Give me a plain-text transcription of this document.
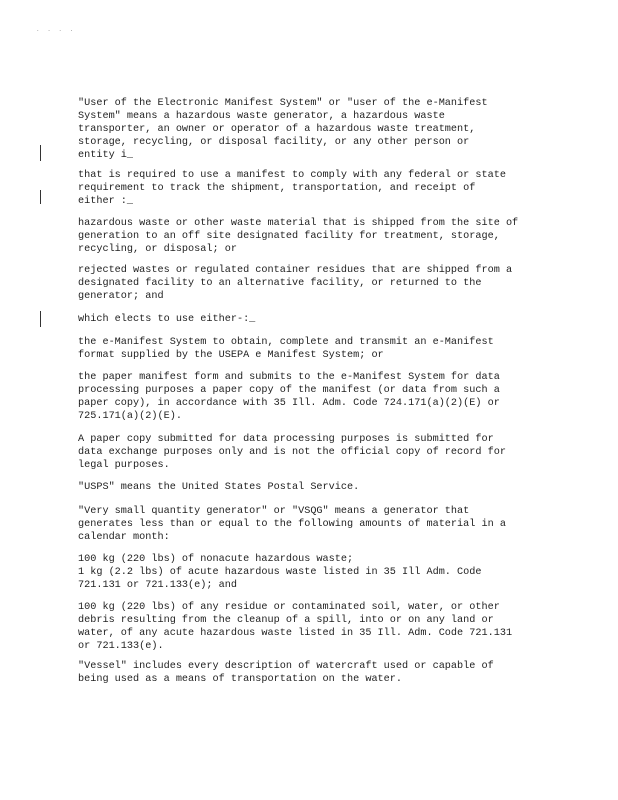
. . . .

"User of the Electronic Manifest System" or "user of the e-Manifest
System" means a hazardous waste generator, a hazardous waste
transporter, an owner or operator of a hazardous waste treatment,
storage, recycling, or disposal facility, or any other person or
entity i_

that is required to use a manifest to comply with any federal or state
requirement to track the shipment, transportation, and receipt of
either :_

hazardous waste or other waste material that is shipped from the site of
generation to an off site designated facility for treatment, storage,
recycling, or disposal; or

rejected wastes or regulated container residues that are shipped from a
designated facility to an alternative facility, or returned to the
generator; and

which elects to use either-:_

the e-Manifest System to obtain, complete and transmit an e-Manifest
format supplied by the USEPA e Manifest System; or

the paper manifest form and submits to the e-Manifest System for data
processing purposes a paper copy of the manifest (or data from such a
paper copy), in accordance with 35 Ill. Adm. Code 724.171(a)(2)(E) or
725.171(a)(2)(E).

A paper copy submitted for data processing purposes is submitted for
data exchange purposes only and is not the official copy of record for
legal purposes.

"USPS" means the United States Postal Service.

"Very small quantity generator" or "VSQG" means a generator that
generates less than or equal to the following amounts of material in a
calendar month:

100 kg (220 lbs) of nonacute hazardous waste;
1 kg (2.2 lbs) of acute hazardous waste listed in 35 Ill Adm. Code
721.131 or 721.133(e); and

100 kg (220 lbs) of any residue or contaminated soil, water, or other
debris resulting from the cleanup of a spill, into or on any land or
water, of any acute hazardous waste listed in 35 Ill. Adm. Code 721.131
or 721.133(e).

"Vessel" includes every description of watercraft used or capable of
being used as a means of transportation on the water.
